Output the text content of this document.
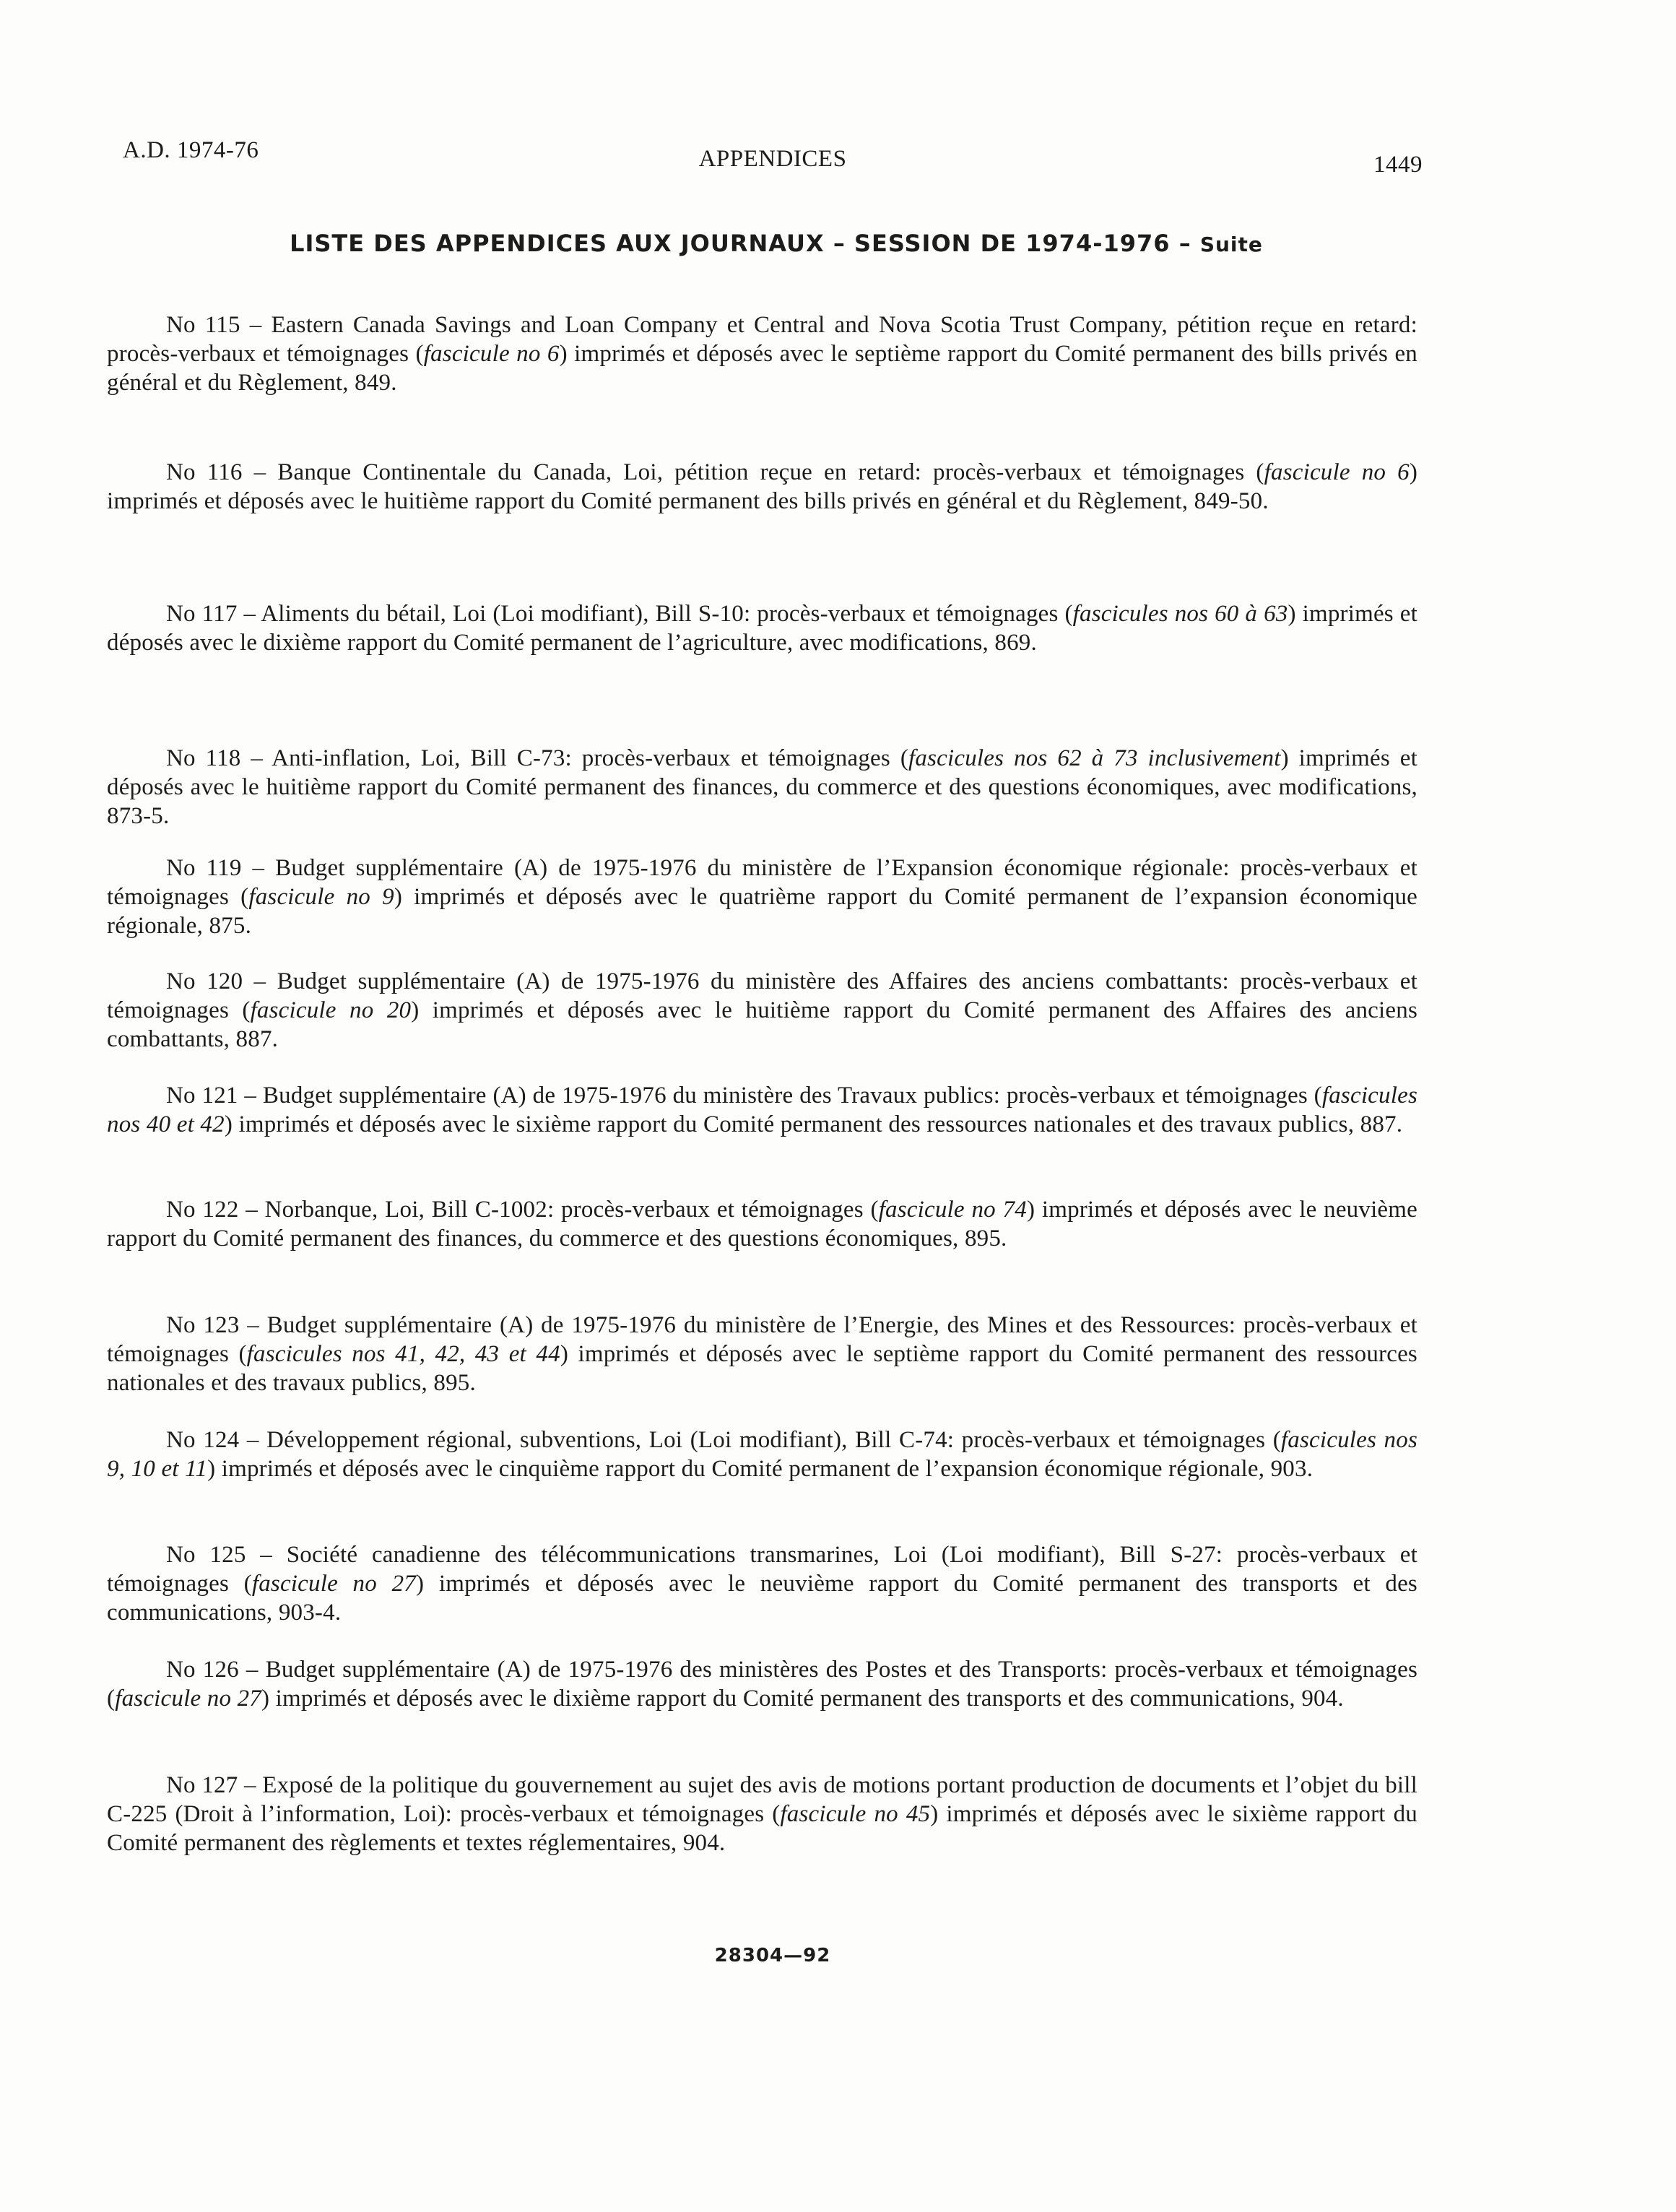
A.D. 1974-76	APPENDICES	1449
LISTE DES APPENDICES AUX JOURNAUX – SESSION DE 1974-1976 – Suite

No 115 – Eastern Canada Savings and Loan Company et Central and Nova Scotia Trust Company, pétition reçue en retard: procès-verbaux et témoignages (fascicule no 6) imprimés et déposés avec le septième rapport du Comité permanent des bills privés en général et du Règlement, 849.

No 116 – Banque Continentale du Canada, Loi, pétition reçue en retard: procès-verbaux et témoignages (fascicule no 6) imprimés et déposés avec le huitième rapport du Comité permanent des bills privés en général et du Règlement, 849-50.

No 117 – Aliments du bétail, Loi (Loi modifiant), Bill S-10: procès-verbaux et témoignages (fascicules nos 60 à 63) imprimés et déposés avec le dixième rapport du Comité permanent de l’agriculture, avec modifications, 869.

No 118 – Anti-inflation, Loi, Bill C-73: procès-verbaux et témoignages (fascicules nos 62 à 73 inclusivement) imprimés et déposés avec le huitième rapport du Comité permanent des finances, du commerce et des questions économiques, avec modifications, 873-5.

No 119 – Budget supplémentaire (A) de 1975-1976 du ministère de l’Expansion économique régionale: procès-verbaux et témoignages (fascicule no 9) imprimés et déposés avec le quatrième rapport du Comité permanent de l’expansion économique régionale, 875.

No 120 – Budget supplémentaire (A) de 1975-1976 du ministère des Affaires des anciens combattants: procès-verbaux et témoignages (fascicule no 20) imprimés et déposés avec le huitième rapport du Comité permanent des Affaires des anciens combattants, 887.

No 121 – Budget supplémentaire (A) de 1975-1976 du ministère des Travaux publics: procès-verbaux et témoignages (fascicules nos 40 et 42) imprimés et déposés avec le sixième rapport du Comité permanent des ressources nationales et des travaux publics, 887.

No 122 – Norbanque, Loi, Bill C-1002: procès-verbaux et témoignages (fascicule no 74) imprimés et déposés avec le neuvième rapport du Comité permanent des finances, du commerce et des questions économiques, 895.

No 123 – Budget supplémentaire (A) de 1975-1976 du ministère de l’Energie, des Mines et des Ressources: procès-verbaux et témoignages (fascicules nos 41, 42, 43 et 44) imprimés et déposés avec le septième rapport du Comité permanent des ressources nationales et des travaux publics, 895.

No 124 – Développement régional, subventions, Loi (Loi modifiant), Bill C-74: procès-verbaux et témoignages (fascicules nos 9, 10 et 11) imprimés et déposés avec le cinquième rapport du Comité permanent de l’expansion économique régionale, 903.

No 125 – Société canadienne des télécommunications transmarines, Loi (Loi modifiant), Bill S-27: procès-verbaux et témoignages (fascicule no 27) imprimés et déposés avec le neuvième rapport du Comité permanent des transports et des communications, 903-4.

No 126 – Budget supplémentaire (A) de 1975-1976 des ministères des Postes et des Transports: procès-verbaux et témoignages (fascicule no 27) imprimés et déposés avec le dixième rapport du Comité permanent des transports et des communications, 904.

No 127 – Exposé de la politique du gouvernement au sujet des avis de motions portant production de documents et l’objet du bill C-225 (Droit à l’information, Loi): procès-verbaux et témoignages (fascicule no 45) imprimés et déposés avec le sixième rapport du Comité permanent des règlements et textes réglementaires, 904.

28304—92
